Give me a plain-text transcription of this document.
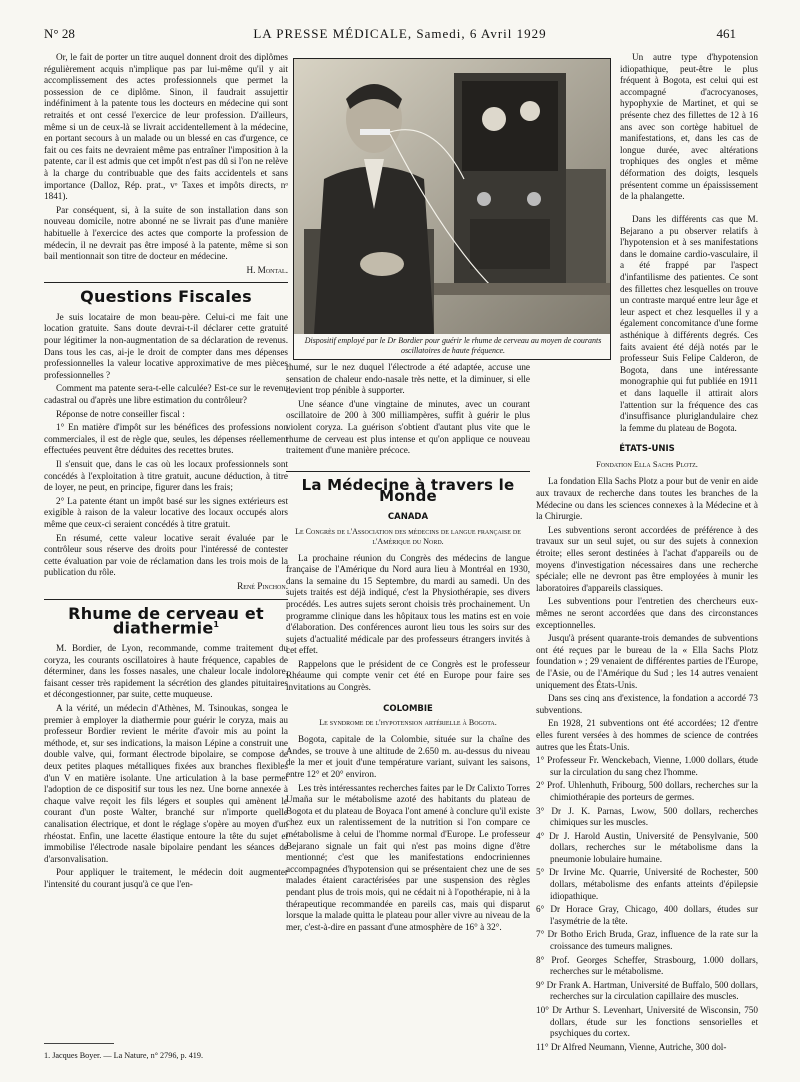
N° 28	LA PRESSE MÉDICALE, Samedi, 6 Avril 1929	461

Or, le fait de porter un titre auquel donnent droit des diplômes régulièrement acquis n'implique pas par lui-même qu'il y ait accomplissement des actes professionnels que permet la possession de ce diplôme. Sinon, il faudrait assujettir indéfiniment à la patente tous les docteurs en médecine qui sont retraités et ont cessé l'exercice de leur profession. D'ailleurs, même si un de ceux-là se livrait accidentellement à la médecine, en portant secours à un malade ou un blessé en cas d'urgence, ce fait ou ces faits ne devraient même pas entraîner l'imposition à la patente, car il est admis que cet impôt n'est pas dû si l'on ne relève à la charge du contribuable que des faits accidentels et sans importance (Dalloz, Rép. prat., vᵒ Taxes et impôts directs, nᵒ 1841).

Par conséquent, si, à la suite de son installation dans son nouveau domicile, notre abonné ne se livrait pas d'une manière habituelle à l'exercice des actes que comporte la profession de médecin, il ne devrait pas être imposé à la patente, même si son bail mentionnait son titre de docteur en médecine.

H. Montal.
Questions Fiscales

Je suis locataire de mon beau-père. Celui-ci me fait une location gratuite. Sans doute devrai-t-il déclarer cette gratuité pour légitimer la non-augmentation de sa déclaration de revenus. Dans tous les cas, ai-je le droit de compter dans mes dépenses professionnelles la valeur locative approximative de mes pièces professionnelles ?

Comment ma patente sera-t-elle calculée? Est-ce sur le revenu cadastral ou d'après une libre estimation du contrôleur?

Réponse de notre conseiller fiscal :

1° En matière d'impôt sur les bénéfices des professions non commerciales, il est de règle que, seules, les dépenses réellement effectuées peuvent être déduites des recettes brutes.

Il s'ensuit que, dans le cas où les locaux professionnels sont concédés à l'exploitation à titre gratuit, aucune déduction, à titre de loyer, ne peut, en principe, figurer dans les frais;

2° La patente étant un impôt basé sur les signes extérieurs est exigible à raison de la valeur locative des locaux occupés alors même que ceux-ci seraient concédés à titre gratuit.

En résumé, cette valeur locative serait évaluée par le contrôleur sous réserve des droits pour l'intéressé de contester cette évaluation par voie de réclamation dans les trois mois de la publication du rôle.

René Pinchon.
Rhume de cerveau et diathermie$^1$

M. Bordier, de Lyon, recommande, comme traitement du coryza, les courants oscillatoires à haute fréquence, capables de déterminer, dans les fosses nasales, une chaleur locale indolore, faisant cesser très rapidement la sécrétion des glandes pituitaires et décongestionner, par suite, cette muqueuse.

A la vérité, un médecin d'Athènes, M. Tsinoukas, songea le premier à employer la diathermie pour guérir le coryza, mais au professeur Bordier revient le mérite d'avoir mis au point la méthode, et, sur ses indications, la maison Lépine a construit une double valve, qui, formant électrode bipolaire, se compose de deux petites plaques métalliques fixées aux branches flexibles d'un V en matière isolante. Une articulation à la base permet l'adoption de ce dispositif sur tous les nez. Une borne annexée à chaque valve reçoit les fils légers et souples qui amènent le courant d'un poste Walter, branché sur n'importe quelle canalisation électrique, et dont le réglage s'opère au moyen d'un rhéostat. Enfin, une lacette élastique entoure la tête du sujet et immobilise l'électrode nasale bipolaire pendant les séances de d'arsonvalisation.

Pour appliquer le traitement, le médecin doit augmenter l'intensité du courant jusqu'à ce que l'en-

Dispositif employé par le Dr Bordier pour guérir le rhume de cerveau au moyen de courants oscillatoires de haute fréquence.

rhumé, sur le nez duquel l'électrode a été adaptée, accuse une sensation de chaleur endo-nasale très nette, et la diminuer, si elle devient trop pénible à supporter.

Une séance d'une vingtaine de minutes, avec un courant oscillatoire de 200 à 300 milliampères, suffit à guérir le plus violent coryza. La guérison s'obtient d'autant plus vite que le rhume de cerveau est plus intense et qu'on applique ce nouveau traitement d'une manière précoce.

La Médecine à travers le Monde
CANADA
Le Congrès de l'Association des médecins de langue française de l'Amérique du Nord.

La prochaine réunion du Congrès des médecins de langue française de l'Amérique du Nord aura lieu à Montréal en 1930, dans la semaine du 15 Septembre, du mardi au samedi. Un des sujets traités est déjà indiqué, c'est la Physiothérapie, ses divers procédés. Les autres sujets seront choisis très prochainement. Un programme clinique dans les hôpitaux tous les matins est en voie d'élaboration. Des conférences auront lieu tous les soirs sur des sujets d'actualité médicale par des professeurs étrangers invités à cet effet.

Rappelons que le président de ce Congrès est le professeur Rhéaume qui compte venir cet été en Europe pour faire ses invitations au Congrès.

COLOMBIE
Le syndrome de l'hypotension artérielle à Bogota.

Bogota, capitale de la Colombie, située sur la chaîne des Andes, se trouve à une altitude de 2.650 m. au-dessus du niveau de la mer et jouit d'une température variant, suivant les saisons, entre 12° et 20° environ.

Les très intéressantes recherches faites par le Dr Calixto Torres Umaña sur le métabolisme azoté des habitants du plateau de Bogota et du plateau de Boyaca l'ont amené à conclure qu'il existe chez eux un ralentissement de la nutrition si l'on compare ce métabolisme à celui de l'homme normal d'Europe. Le professeur Bejarano signale un fait qui n'est pas moins digne d'être mentionné; c'est que les manifestations endocriniennes accompagnées d'hypotension qui se présentaient chez une de ses malades étaient caractérisées par une suspension des règles pendant plus de trois mois, qui ne cédait ni à l'opothérapie, ni à la thérapeutique recommandée en pareils cas, mais qui disparut lorsque la malade quitta le plateau pour aller vivre au niveau de la mer, c'est-à-dire en passant d'une atmosphère de 16° à 32°.

Un autre type d'hypotension idiopathique, peut-être le plus fréquent à Bogota, est celui qui est accompagné d'acrocyanoses, hypophyxie de Martinet, et qui se présente chez des fillettes de 12 à 16 ans avec son cortège habituel de manifestations, et, dans les cas de longue durée, avec altérations trophiques des ongles et même déformation des doigts, lesquels présentent comme un épaississement de la phalangette.

Dans les différents cas que M. Bejarano a pu observer relatifs à l'hypotension et à ses manifestations dans le domaine cardio-vasculaire, il a été frappé par l'aspect d'infantilisme des patientes. Ce sont des fillettes chez lesquelles on trouve un contraste marqué entre leur âge et leur aspect et chez lesquelles il y a également concomitance d'une forme asthénique à différents degrés. Ces faits avaient été déjà notés par le professeur Suis Felipe Calderon, de Bogota, dans une intéressante monographie qui fut publiée en 1911 et dans laquelle il attirait alors l'attention sur la fréquence des cas d'insuffisance pluriglandulaire chez la femme du plateau de Bogota.

ÉTATS-UNIS
Fondation Ella Sachs Plotz.

La fondation Ella Sachs Plotz a pour but de venir en aide aux travaux de recherche dans toutes les branches de la Médecine ou dans les sciences connexes à la Médecine et à la Chirurgie.

Les subventions seront accordées de préférence à des travaux sur un seul sujet, ou sur des sujets à connexion étroite; elles seront destinées à l'achat d'appareils ou de moyens d'investigation nécessaires dans une recherche spéciale; elle ne devront pas être employées à munir les laboratoires d'appareils classiques.

Les subventions pour l'entretien des chercheurs eux-mêmes ne seront accordées que dans des circonstances exceptionnelles.

Jusqu'à présent quarante-trois demandes de subventions ont été reçues par le bureau de la « Ella Sachs Plotz foundation » ; 29 venaient de différentes parties de l'Europe, de l'Asie, ou de l'Amérique du Sud ; les 14 autres venaient uniquement des États-Unis.

Dans ses cinq ans d'existence, la fondation a accordé 73 subventions.

En 1928, 21 subventions ont été accordées; 12 d'entre elles furent versées à des hommes de science de contrées autres que les États-Unis.

1° Professeur Fr. Wenckebach, Vienne, 1.000 dollars, étude sur la circulation du sang chez l'homme.

2° Prof. Uhlenhuth, Fribourg, 500 dollars, recherches sur la chimiothérapie des porteurs de germes.

3° Dr J. K. Parnas, Lwow, 500 dollars, recherches chimiques sur les muscles.

4° Dr J. Harold Austin, Université de Pensylvanie, 500 dollars, recherches sur le métabolisme dans la pneumonie lobulaire humaine.

5° Dr Irvine Mc. Quarrie, Université de Rochester, 500 dollars, métabolisme des enfants atteints d'épilepsie idiopathique.

6° Dr Horace Gray, Chicago, 400 dollars, études sur l'asymétrie de la tête.

7° Dr Botho Erich Bruda, Graz, influence de la rate sur la croissance des tumeurs malignes.

8° Prof. Georges Scheffer, Strasbourg, 1.000 dollars, recherches sur le métabolisme.

9° Dr Frank A. Hartman, Université de Buffalo, 500 dollars, recherches sur la circulation capillaire des muscles.

10° Dr Arthur S. Levenhart, Université de Wisconsin, 750 dollars, étude sur les fonctions sensorielles et psychiques du cortex.

11° Dr Alfred Neumann, Vienne, Autriche, 300 dol-

1. Jacques Boyer. — La Nature, n° 2796, p. 419.
